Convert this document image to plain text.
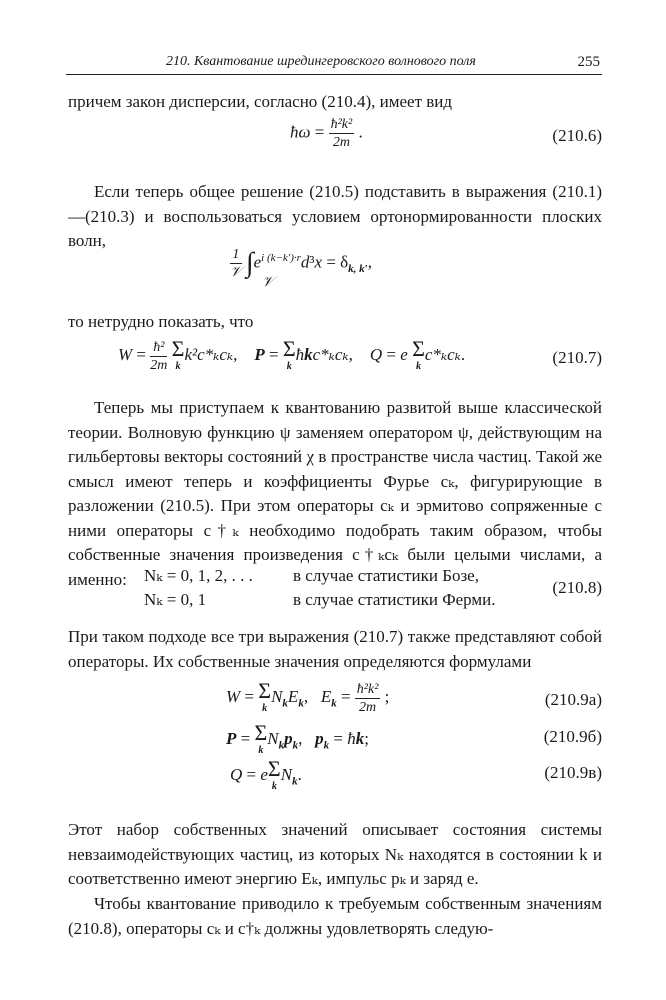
210. Квантование шредингеровского волнового поля	255

причем закон дисперсии, согласно (210.4), имеет вид

ħω = $\frac{\text{ħ²k²}}{2m}$ .	(210.6)

Если теперь общее решение (210.5) подставить в выражения (210.1)—(210.3) и воспользоваться условием ортонормированности плоских волн,

$\frac{1}{\text{𝒱}} \int e^{i (k-k')\cdot r}d^3x = \delta_{k, k'}$,
𝒱

то нетрудно показать, что

$W = \frac{\text{ħ²}}{2m}$
Σ
k
k²c*ₖcₖ,    P = Σ
k
ħkc*ₖcₖ,    Q = e Σ
k
c*ₖcₖ.	(210.7)

Теперь мы приступаем к квантованию развитой выше классической теории. Волновую функцию ψ заменяем оператором ψ, действующим на гильбертовы векторы состояний χ в пространстве числа частиц. Такой же смысл имеют теперь и коэффициенты Фурье cₖ, фигурирующие в разложении (210.5). При этом операторы cₖ и эрмитово сопряженные с ними операторы c†ₖ необходимо подобрать таким образом, чтобы собственные значения произведения c†ₖcₖ были целыми числами, а именно:	Nₖ = 0, 1, 2, . . . в случае статистики Бозе,
Nₖ = 0, 1	в случае статистики Ферми.
(210.8)

При таком подходе все три выражения (210.7) также представляют собой операторы. Их собственные значения определяются формулами

W = Σ
k
$N_kE_k$,   $E_k = \frac{\text{ħ²k²}}{2m}$ ;	(210.9а)
P = Σ
k
$N_kp_k$,   $p_k$ = ħk;	(210.9б)
Q = e Σ
k
$N_k$.	(210.9в)

Этот набор собственных значений описывает состояния системы невзаимодействующих частиц, из которых Nₖ находятся в состоянии k и соответственно имеют энергию Eₖ, импульс pₖ и заряд e.

Чтобы квантование приводило к требуемым собственным значениям (210.8), операторы cₖ и c†ₖ должны удовлетворять следую-
